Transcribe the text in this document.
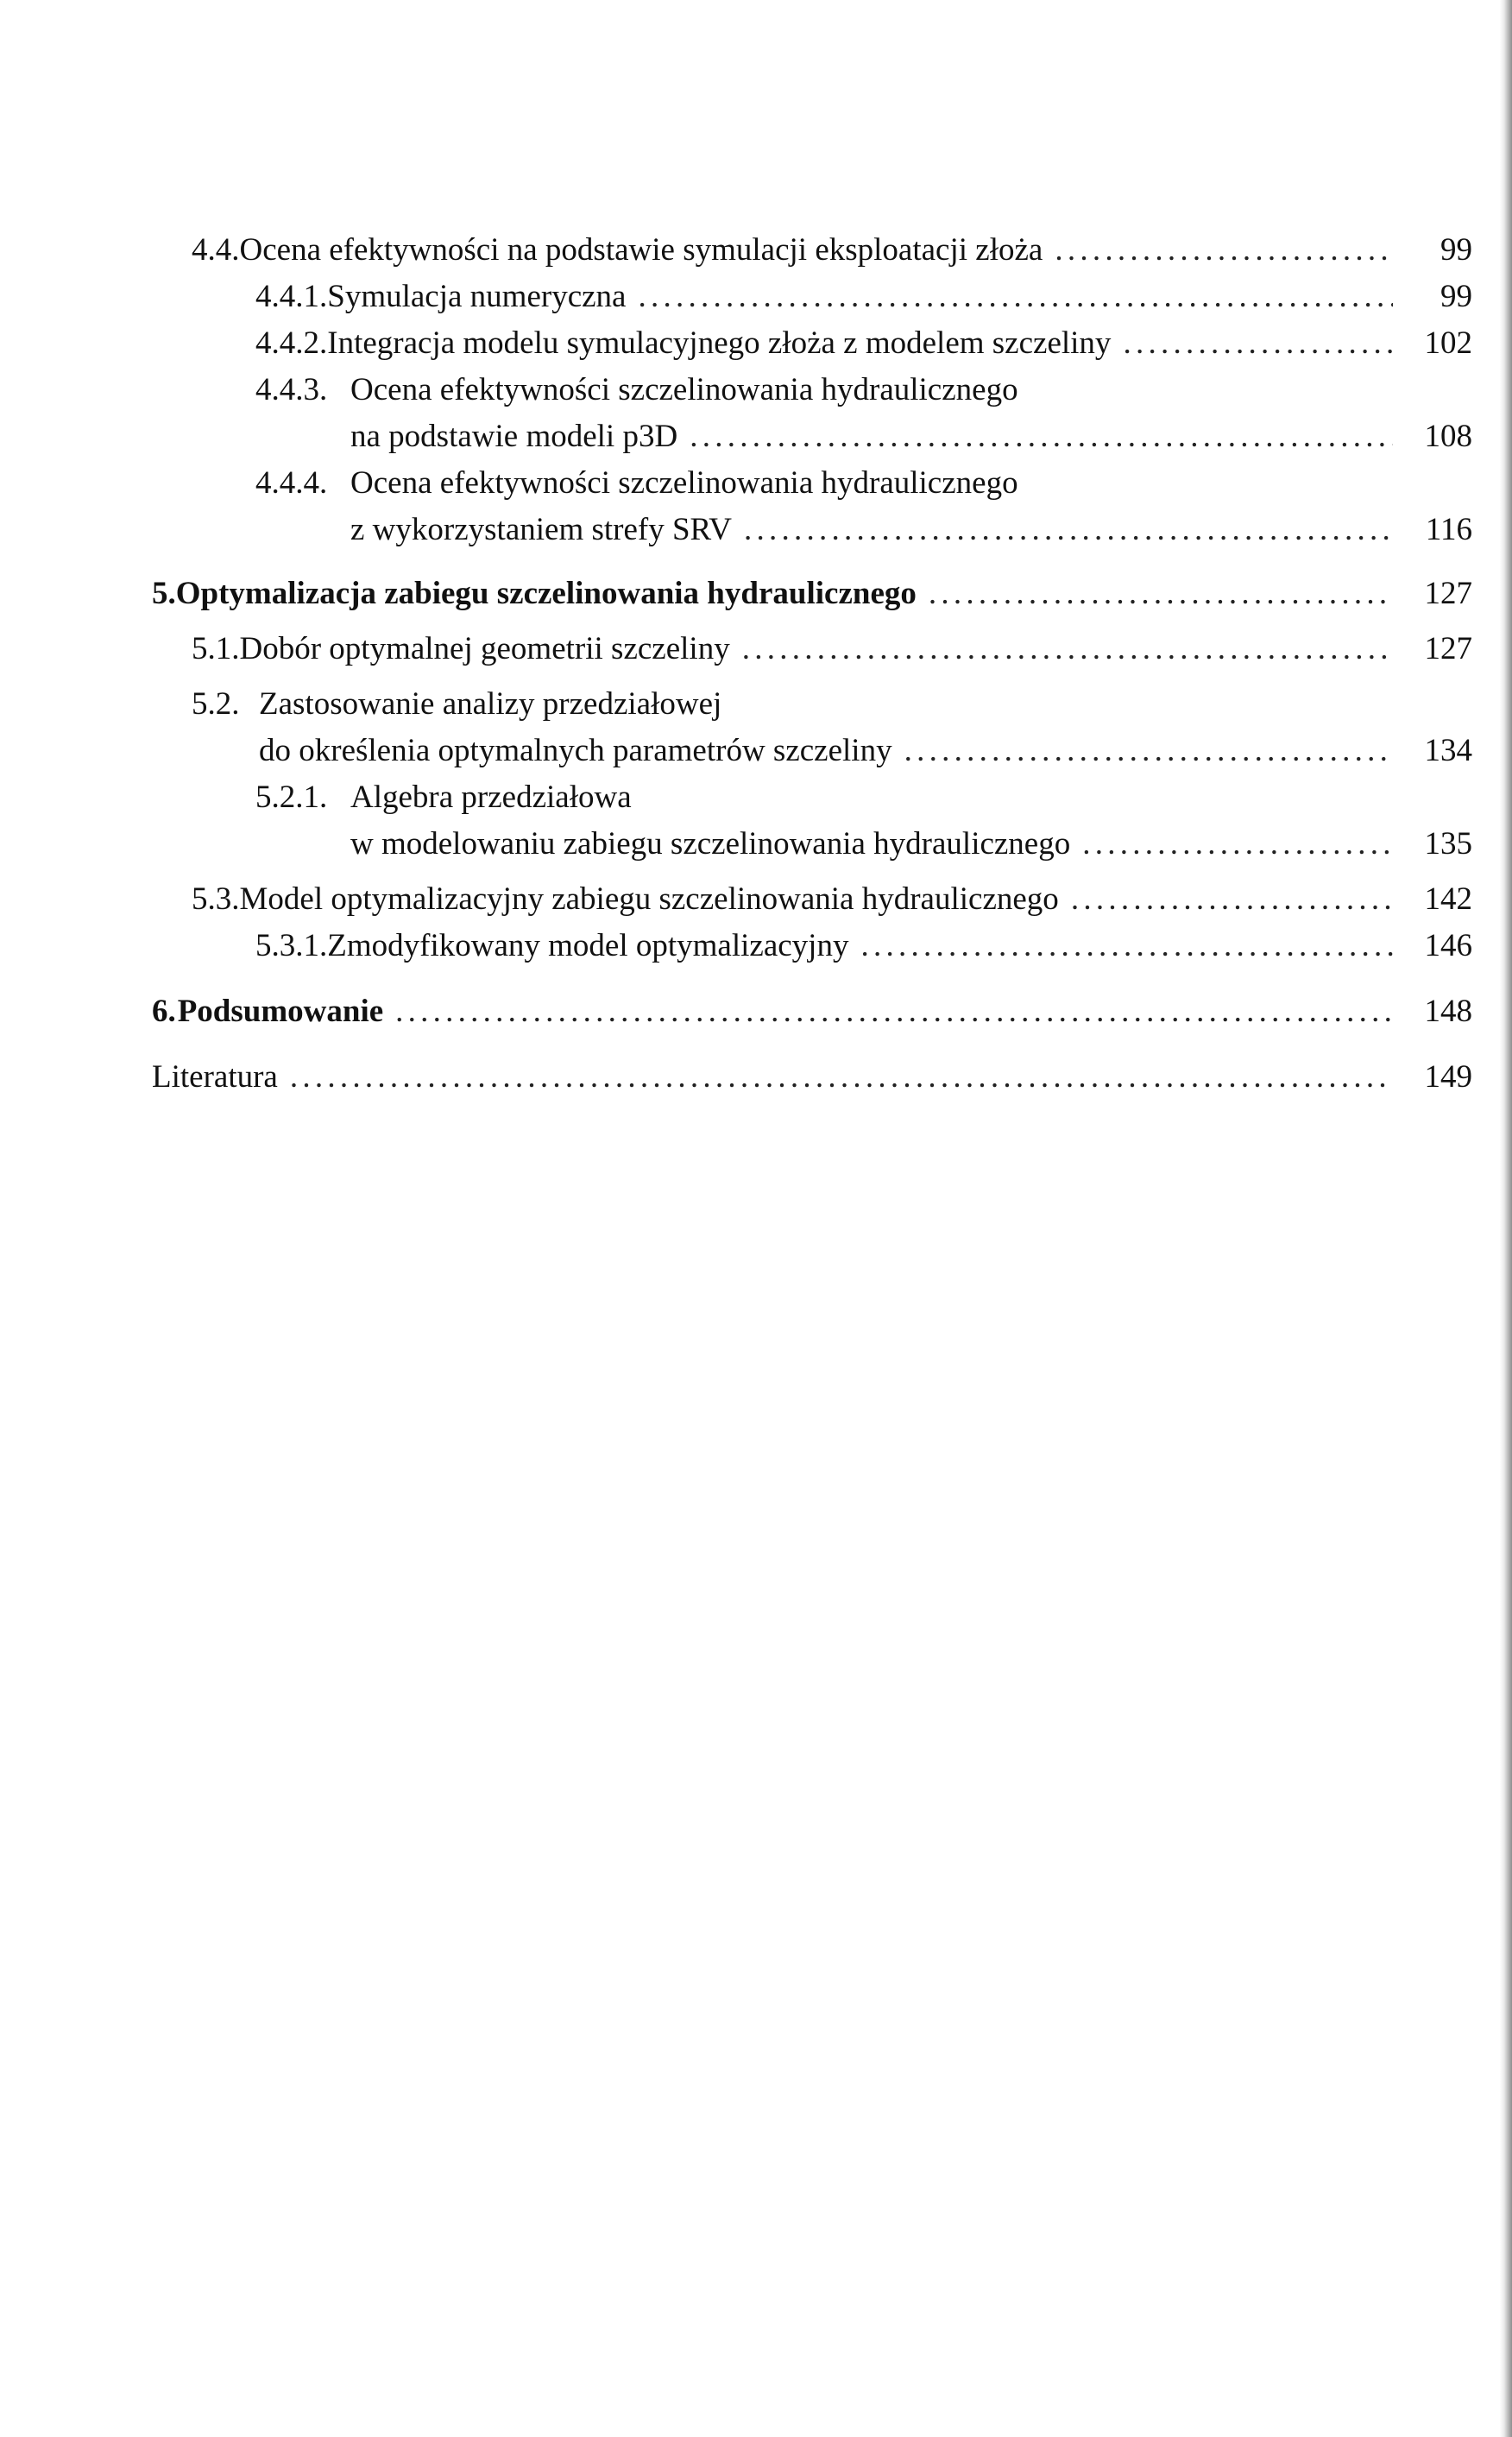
4.4. Ocena efektywności na podstawie symulacji eksploatacji złoża . . .	99
4.4.1. Symulacja numeryczna . . .	99
4.4.2. Integracja modelu symulacyjnego złoża z modelem szczeliny . . .	102
4.4.3. Ocena efektywności szczelinowania hydraulicznego
na podstawie modeli p3D . . .	108
4.4.4. Ocena efektywności szczelinowania hydraulicznego
z wykorzystaniem strefy SRV . . .	116
5. Optymalizacja zabiegu szczelinowania hydraulicznego . . .	127
5.1. Dobór optymalnej geometrii szczeliny . . .	127
5.2. Zastosowanie analizy przedziałowej
do określenia optymalnych parametrów szczeliny . . .	134
5.2.1. Algebra przedziałowa
w modelowaniu zabiegu szczelinowania hydraulicznego . . .	135
5.3. Model optymalizacyjny zabiegu szczelinowania hydraulicznego . . .	142
5.3.1. Zmodyfikowany model optymalizacyjny . . .	146
6. Podsumowanie . . .	148
Literatura . . .	149
